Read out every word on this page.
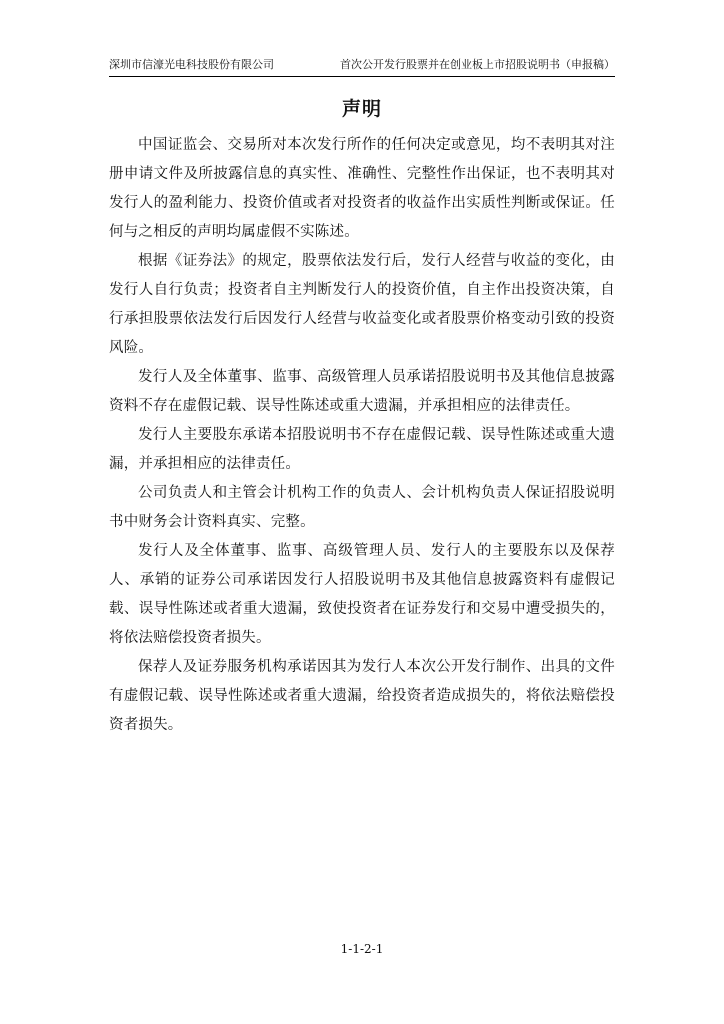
深圳市信濠光电科技股份有限公司	首次公开发行股票并在创业板上市招股说明书（申报稿）
声明

中国证监会、交易所对本次发行所作的任何决定或意见，均不表明其对注册申请文件及所披露信息的真实性、准确性、完整性作出保证，也不表明其对发行人的盈利能力、投资价值或者对投资者的收益作出实质性判断或保证。任何与之相反的声明均属虚假不实陈述。

根据《证券法》的规定，股票依法发行后，发行人经营与收益的变化，由发行人自行负责；投资者自主判断发行人的投资价值，自主作出投资决策，自行承担股票依法发行后因发行人经营与收益变化或者股票价格变动引致的投资风险。

发行人及全体董事、监事、高级管理人员承诺招股说明书及其他信息披露资料不存在虚假记载、误导性陈述或重大遗漏，并承担相应的法律责任。

发行人主要股东承诺本招股说明书不存在虚假记载、误导性陈述或重大遗漏，并承担相应的法律责任。

公司负责人和主管会计机构工作的负责人、会计机构负责人保证招股说明书中财务会计资料真实、完整。

发行人及全体董事、监事、高级管理人员、发行人的主要股东以及保荐人、承销的证券公司承诺因发行人招股说明书及其他信息披露资料有虚假记载、误导性陈述或者重大遗漏，致使投资者在证券发行和交易中遭受损失的，将依法赔偿投资者损失。

保荐人及证券服务机构承诺因其为发行人本次公开发行制作、出具的文件有虚假记载、误导性陈述或者重大遗漏，给投资者造成损失的，将依法赔偿投资者损失。

1-1-2-1
